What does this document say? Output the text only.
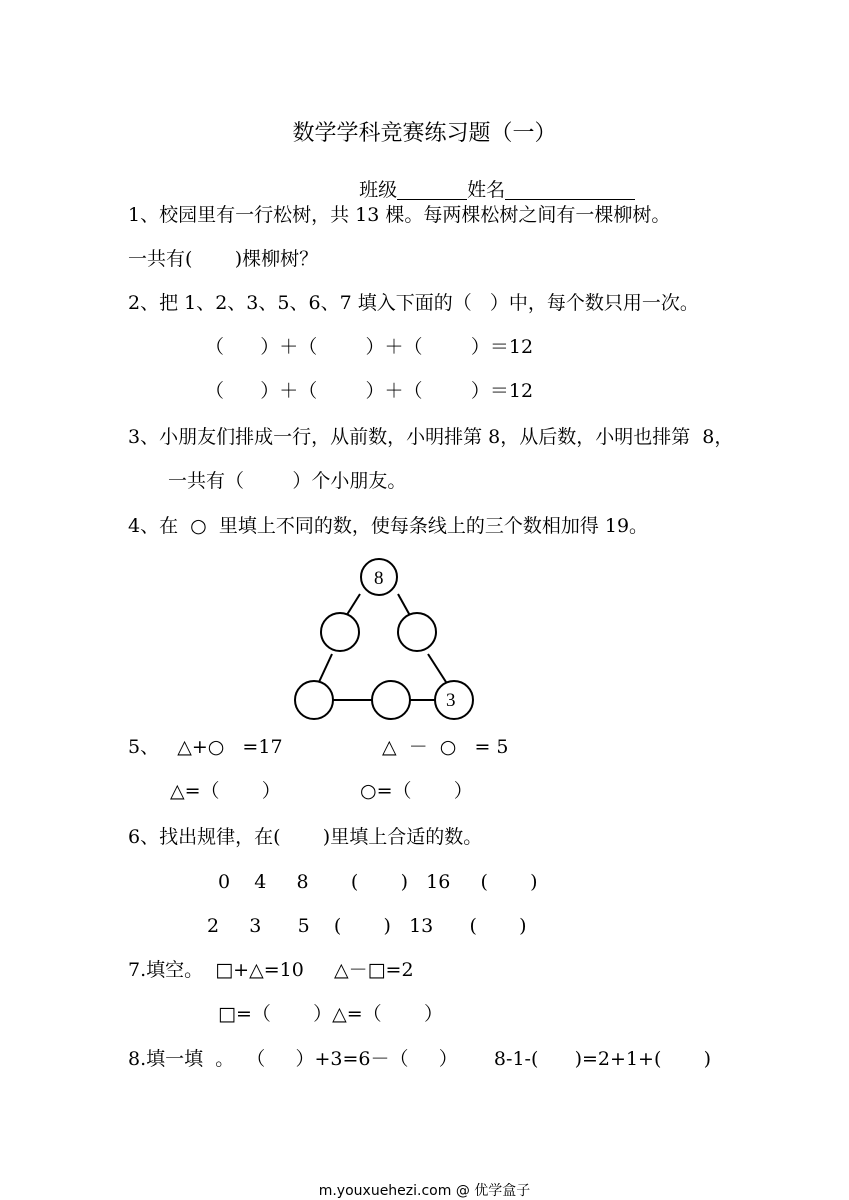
数学学科竞赛练习题（一）

班级	姓名

1、校园里有一行松树，共 13 棵。每两棵松树之间有一棵柳树。
一共有(       )棵柳树？
2、把 1、2、3、5、6、7 填入下面的（   ）中，每个数只用一次。
（      ）＋（        ）＋（        ）＝12
（      ）＋（        ）＋（        ）＝12
3、小朋友们排成一行，从前数，小明排第 8，从后数，小明也排第  8，
一共有（        ）个小朋友。
4、在  ○  里填上不同的数，使每条线上的三个数相加得 19。
8
3
5、   △+○   =17	△  －  ○   = 5
△=（       ）	○=（       ）
6、找出规律，在(       )里填上合适的数。
0    4     8       (       )   16     (       )
2     3      5    (       )   13      (       )
7.填空。  □+△=10     △－□=2
□=（       ）△=（       ）
8.填一填  。  （     ）+3=6－（     ）      8-1-(      )=2+1+(       )
m.youxuehezi.com @ 优学盒子
